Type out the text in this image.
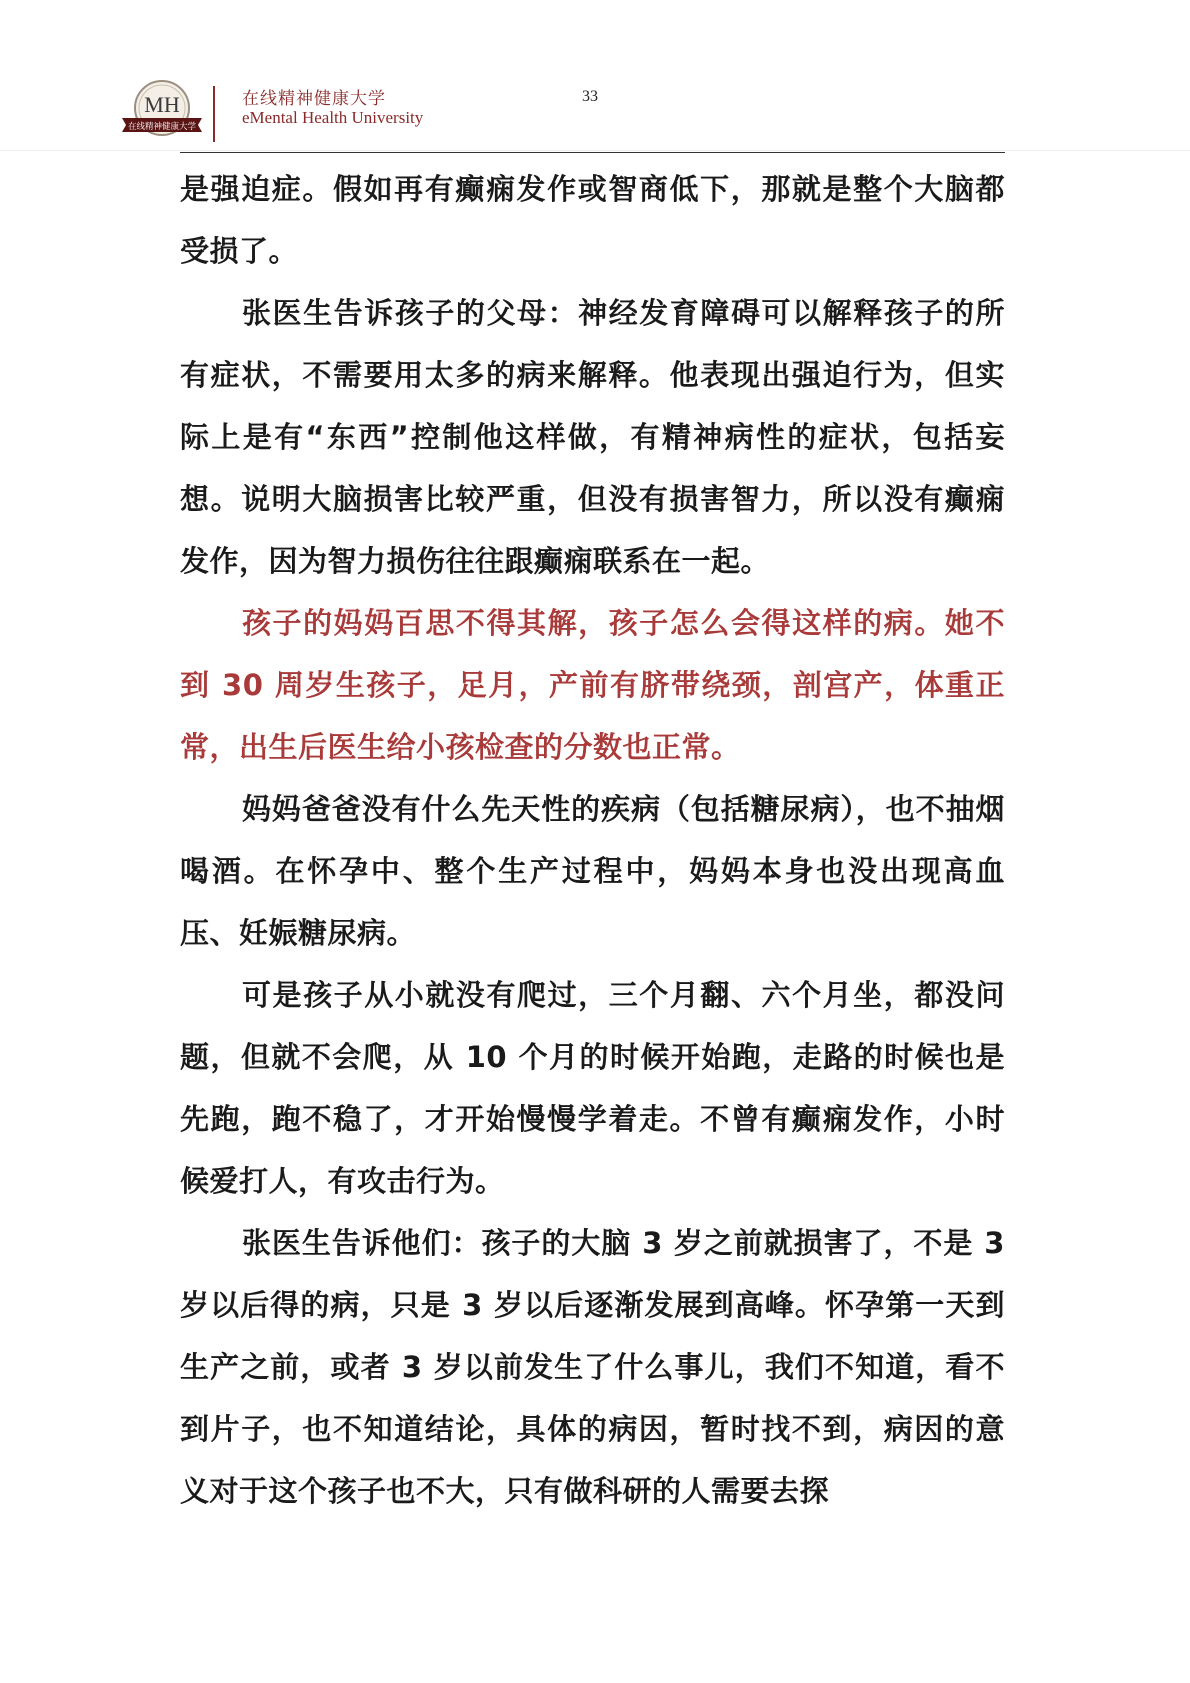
MH
在线精神健康大学
在线精神健康大学
eMental Health University
33

是强迫症。假如再有癫痫发作或智商低下，那就是整个大脑都受损了。

张医生告诉孩子的父母：神经发育障碍可以解释孩子的所有症状，不需要用太多的病来解释。他表现出强迫行为，但实际上是有“东西”控制他这样做，有精神病性的症状，包括妄想。说明大脑损害比较严重，但没有损害智力，所以没有癫痫发作，因为智力损伤往往跟癫痫联系在一起。

孩子的妈妈百思不得其解，孩子怎么会得这样的病。她不到 30 周岁生孩子，足月，产前有脐带绕颈，剖宫产，体重正常，出生后医生给小孩检查的分数也正常。

妈妈爸爸没有什么先天性的疾病（包括糖尿病），也不抽烟喝酒。在怀孕中、整个生产过程中，妈妈本身也没出现高血压、妊娠糖尿病。

可是孩子从小就没有爬过，三个月翻、六个月坐，都没问题，但就不会爬，从 10 个月的时候开始跑，走路的时候也是先跑，跑不稳了，才开始慢慢学着走。不曾有癫痫发作，小时候爱打人，有攻击行为。

张医生告诉他们：孩子的大脑 3 岁之前就损害了，不是 3 岁以后得的病，只是 3 岁以后逐渐发展到高峰。怀孕第一天到生产之前，或者 3 岁以前发生了什么事儿，我们不知道，看不到片子，也不知道结论，具体的病因，暂时找不到，病因的意义对于这个孩子也不大，只有做科研的人需要去探
